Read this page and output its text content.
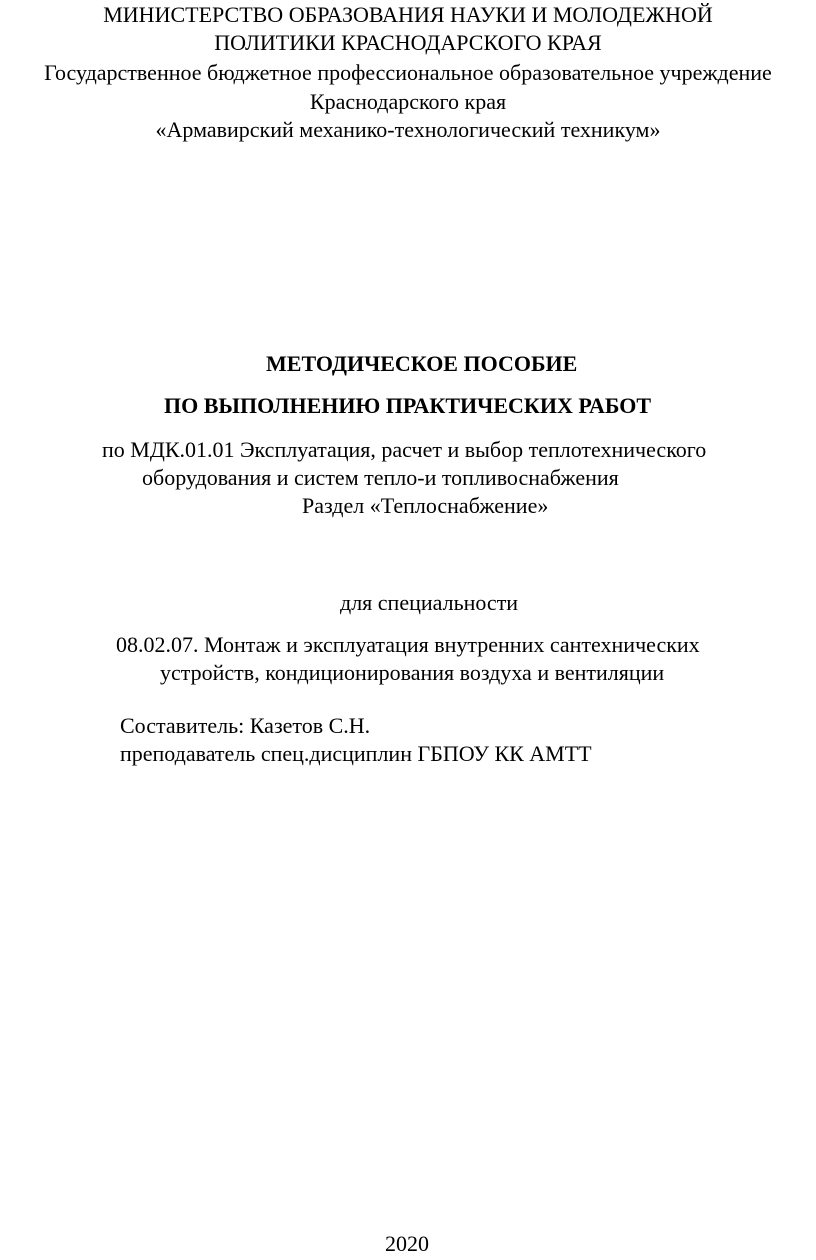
МИНИСТЕРСТВО ОБРАЗОВАНИЯ НАУКИ И МОЛОДЕЖНОЙ
ПОЛИТИКИ КРАСНОДАРСКОГО КРАЯ
Государственное бюджетное профессиональное образовательное учреждение
Краснодарского края
«Армавирский механико-технологический техникум»
МЕТОДИЧЕСКОЕ ПОСОБИЕ
ПО ВЫПОЛНЕНИЮ ПРАКТИЧЕСКИХ РАБОТ
по МДК.01.01 Эксплуатация, расчет и выбор теплотехнического
оборудования и систем тепло-и топливоснабжения
Раздел «Теплоснабжение»
для специальности
08.02.07. Монтаж и эксплуатация внутренних сантехнических
устройств, кондиционирования воздуха и вентиляции
Составитель: Казетов С.Н.
преподаватель спец.дисциплин ГБПОУ КК АМТТ
2020
